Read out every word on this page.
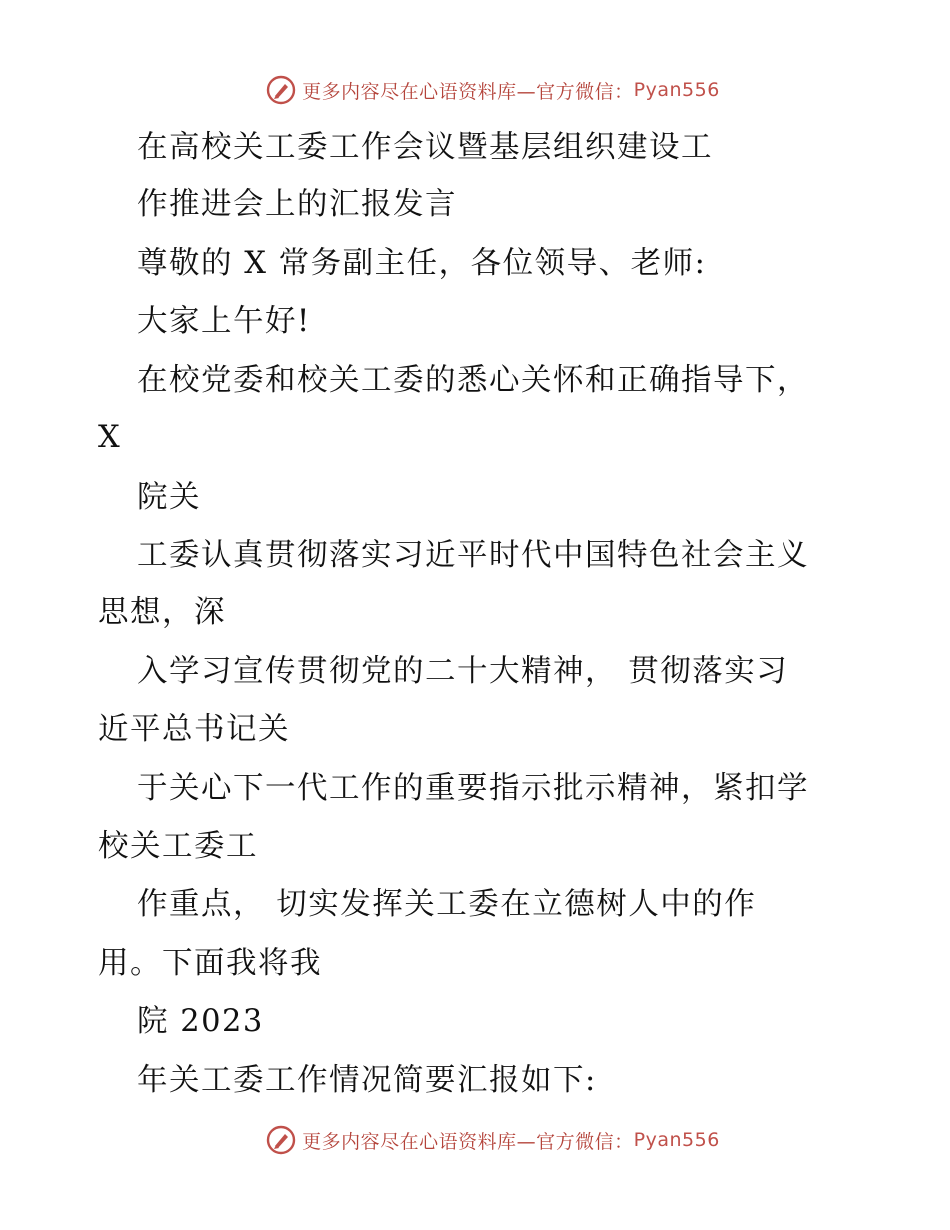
更多内容尽在心语资料库—官方微信： Pyan556
在高校关工委工作会议暨基层组织建设工
作推进会上的汇报发言
尊敬的 X 常务副主任，各位领导、老师:
大家上午好!
在校党委和校关工委的悉心关怀和正确指导下，
X
院关
工委认真贯彻落实习近平时代中国特色社会主义
思想，深
入学习宣传贯彻党的二十大精神， 贯彻落实习
近平总书记关
于关心下一代工作的重要指示批示精神，紧扣学
校关工委工
作重点， 切实发挥关工委在立德树人中的作
用。下面我将我
院 2023
年关工委工作情况简要汇报如下:
更多内容尽在心语资料库—官方微信： Pyan556
